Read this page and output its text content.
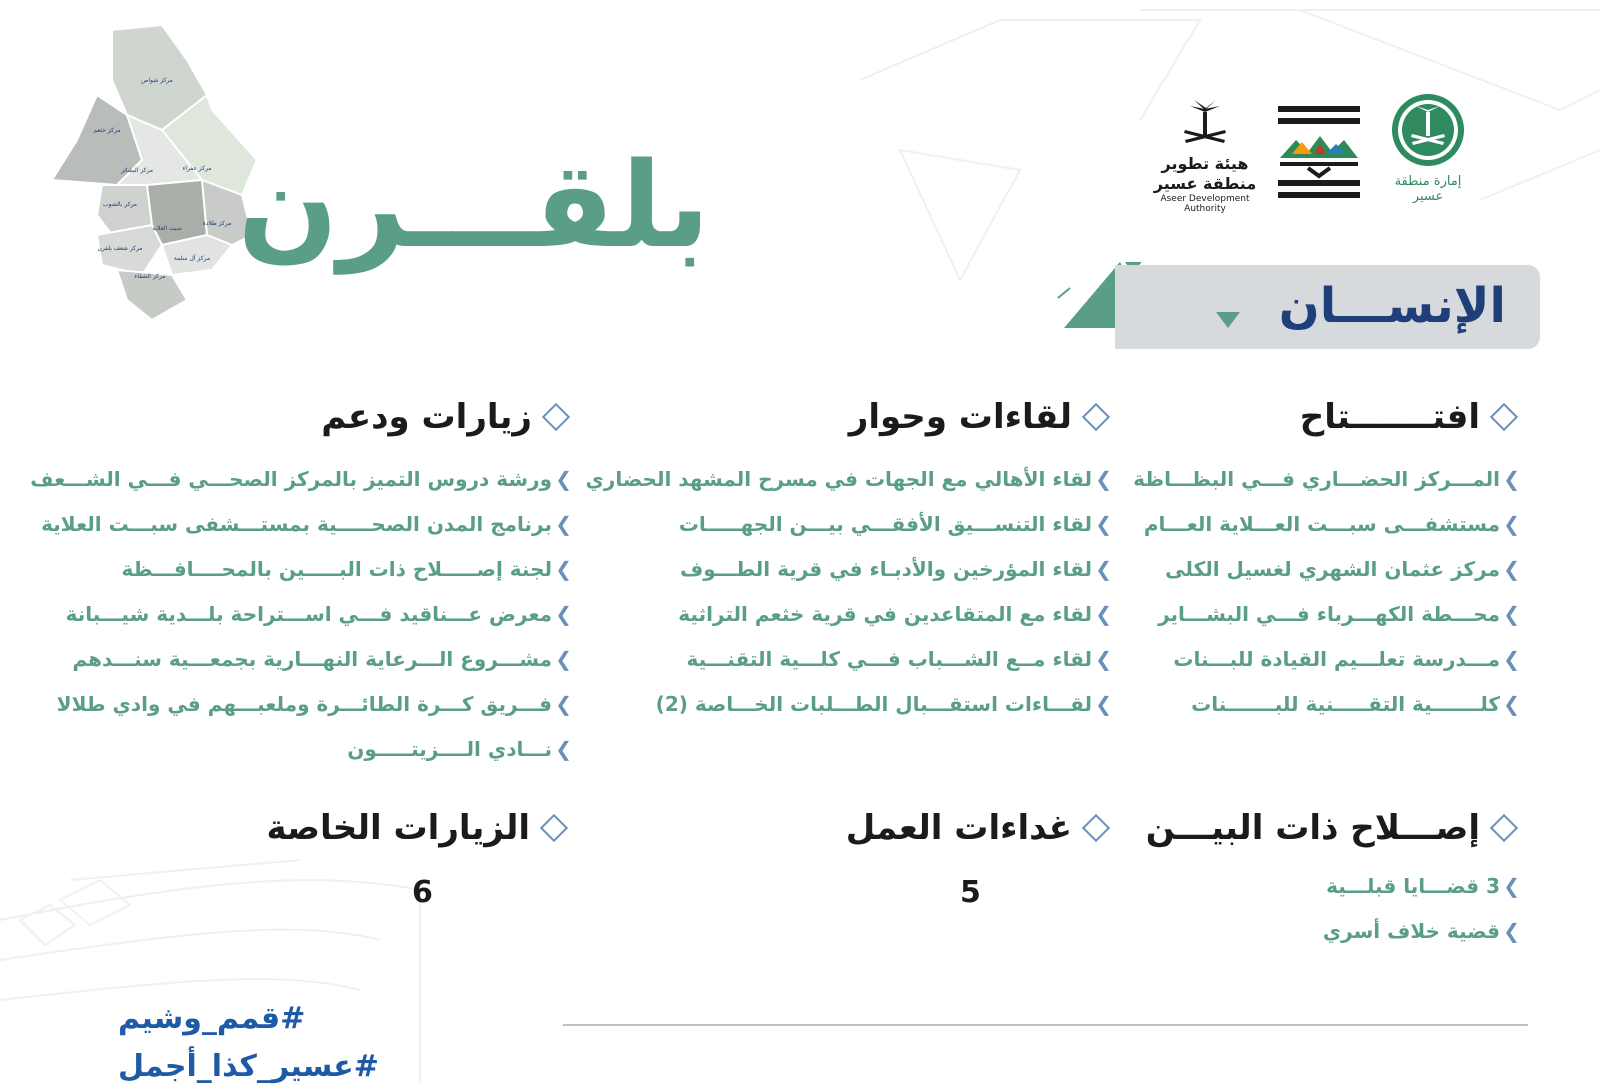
مركز شواص
مركز خثعم
مركز البشائر	مركز عفراء
مركز بالشوب
سبت العلاية
مركز طلادة
مركز شعف بلقرن
مركز آل سلمة
مركز الشقاء
بلقـــرن	هيئة تطوير منطقة عسير
Aseer Development Authority
إمارة منطقة عسير
الإنســـان
افتـــــــتاح
❯
المـــركز الحضـــاري فـــي البظـــاظة
❯
مستشفـــى سبـــت العـــلاية العـــام
❯
مركز عثمان الشهري لغسيل الكلى
❯
محـــطة الكهـــرباء فـــي البشـــاير
❯
مـــدرسة تعلـــيم القيادة للبـــنات
❯
كلـــــــية التقـــــنية للبـــــــنات
لقاءات وحوار
❯
لقاء الأهالي مع الجهات في مسرح المشهد الحضاري
❯
لقاء التنســـيق الأفقـــي بيـــن الجهـــــات
❯
لقاء المؤرخين والأدبـاء في قرية الطـــوف
❯
لقاء مع المتقاعدين في قرية خثعم التراثية
❯
لقاء مــع الشـــباب فـــي كلـــية التقنـــية
❯
لقـــاءات استقـــبال الطـــلبات الخـــاصة (2)
زيارات ودعم
❯
ورشة دروس التميز بالمركز الصحـــي فـــي الشـــعف
❯
برنامج المدن الصحـــــية بمستـــشفى سبـــت العلاية
❯
لجنة إصـــــلاح ذات البـــــين بالمحــــافـــظة
❯
معرض عـــناقيد فـــي اســـتراحة بلـــدية شيـــبانة
❯
مشـــروع الـــرعاية النهـــارية بجمعـــية سنـــدهم
❯
فـــريق كـــرة الطائـــرة وملعبـــهم في وادي طلالا
❯
نـــادي الــــزيتـــــون
إصـــلاح ذات البيـــن
❯
3 قضـــايا قبلـــية
❯
قضية خلاف أسري
غداءات العمل
5
الزيارات الخاصة
6
#قمم_وشيم #عسير_كذا_أجمل
